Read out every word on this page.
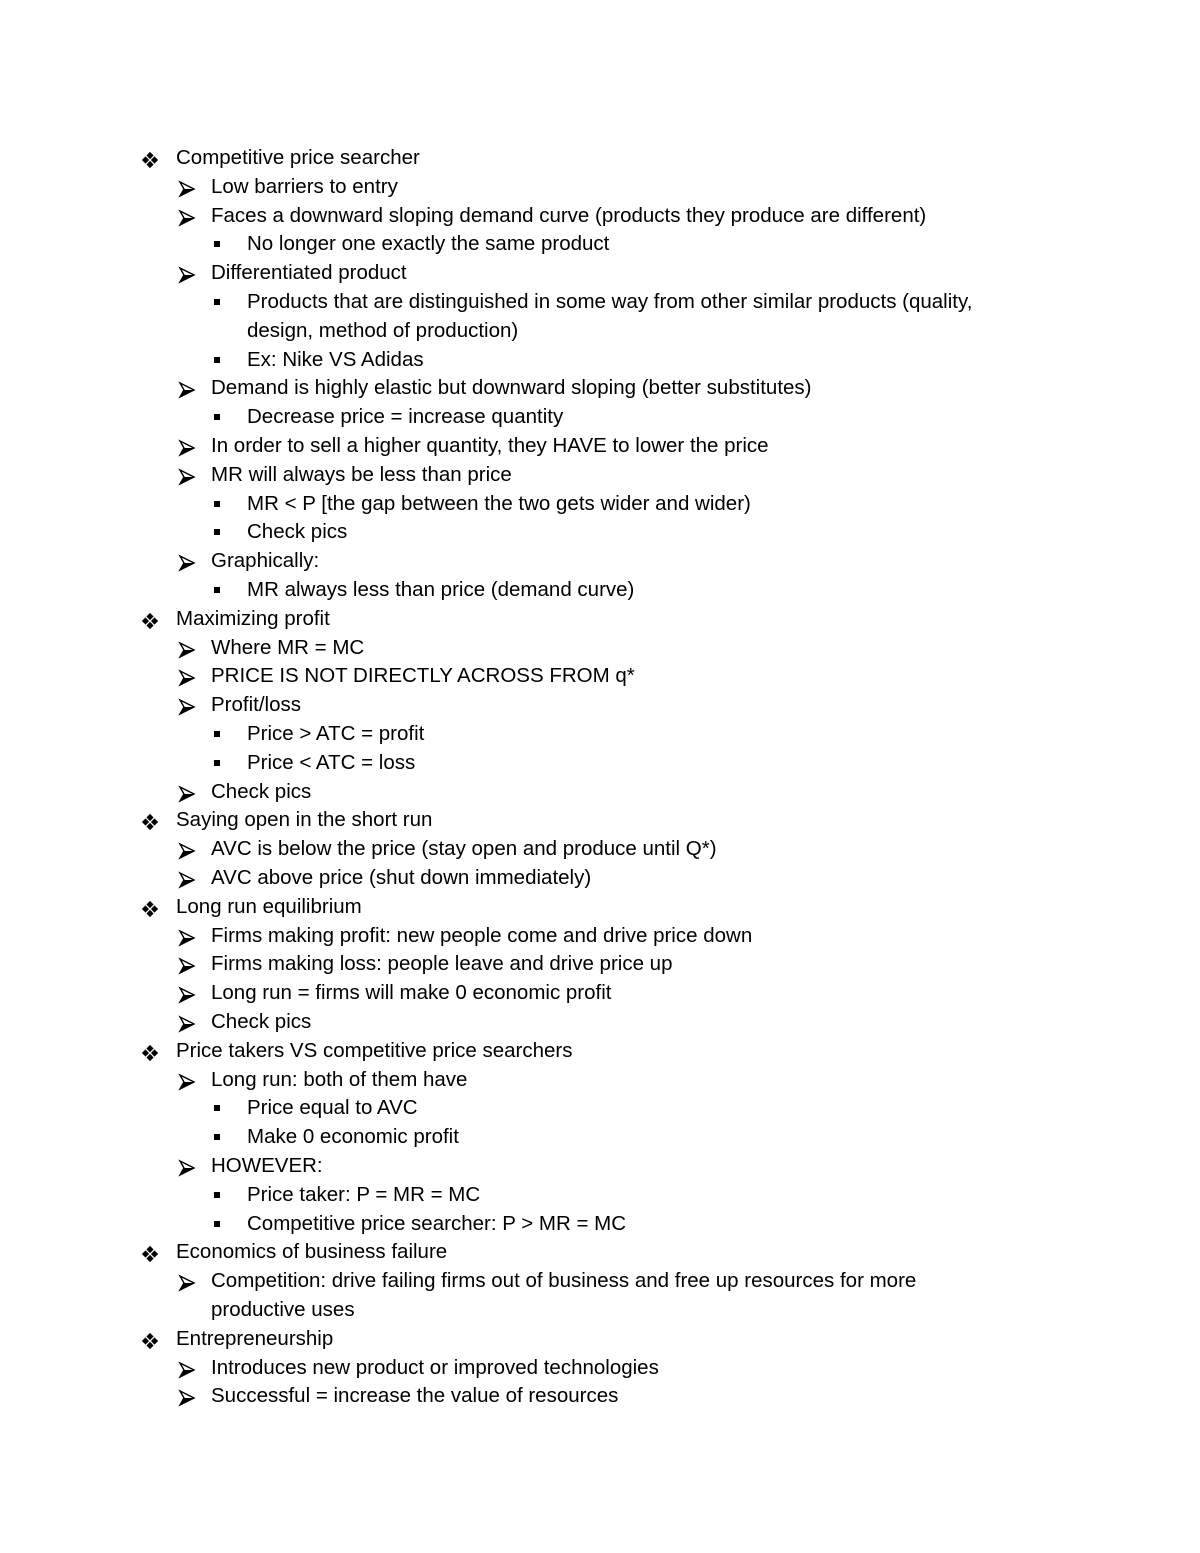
Competitive price searcher
Low barriers to entry
Faces a downward sloping demand curve (products they produce are different)
No longer one exactly the same product
Differentiated product
Products that are distinguished in some way from other similar products (quality,
design, method of production)
Ex: Nike VS Adidas
Demand is highly elastic but downward sloping (better substitutes)
Decrease price = increase quantity
In order to sell a higher quantity, they HAVE to lower the price
MR will always be less than price
MR < P [the gap between the two gets wider and wider)
Check pics
Graphically:
MR always less than price (demand curve)
Maximizing profit
Where MR = MC
PRICE IS NOT DIRECTLY ACROSS FROM q*
Profit/loss
Price > ATC = profit
Price < ATC = loss
Check pics
Saying open in the short run
AVC is below the price (stay open and produce until Q*)
AVC above price (shut down immediately)
Long run equilibrium
Firms making profit: new people come and drive price down
Firms making loss: people leave and drive price up
Long run = firms will make 0 economic profit
Check pics
Price takers VS competitive price searchers
Long run: both of them have
Price equal to AVC
Make 0 economic profit
HOWEVER:
Price taker: P = MR = MC
Competitive price searcher: P > MR = MC
Economics of business failure
Competition: drive failing firms out of business and free up resources for more
productive uses
Entrepreneurship
Introduces new product or improved technologies
Successful = increase the value of resources
